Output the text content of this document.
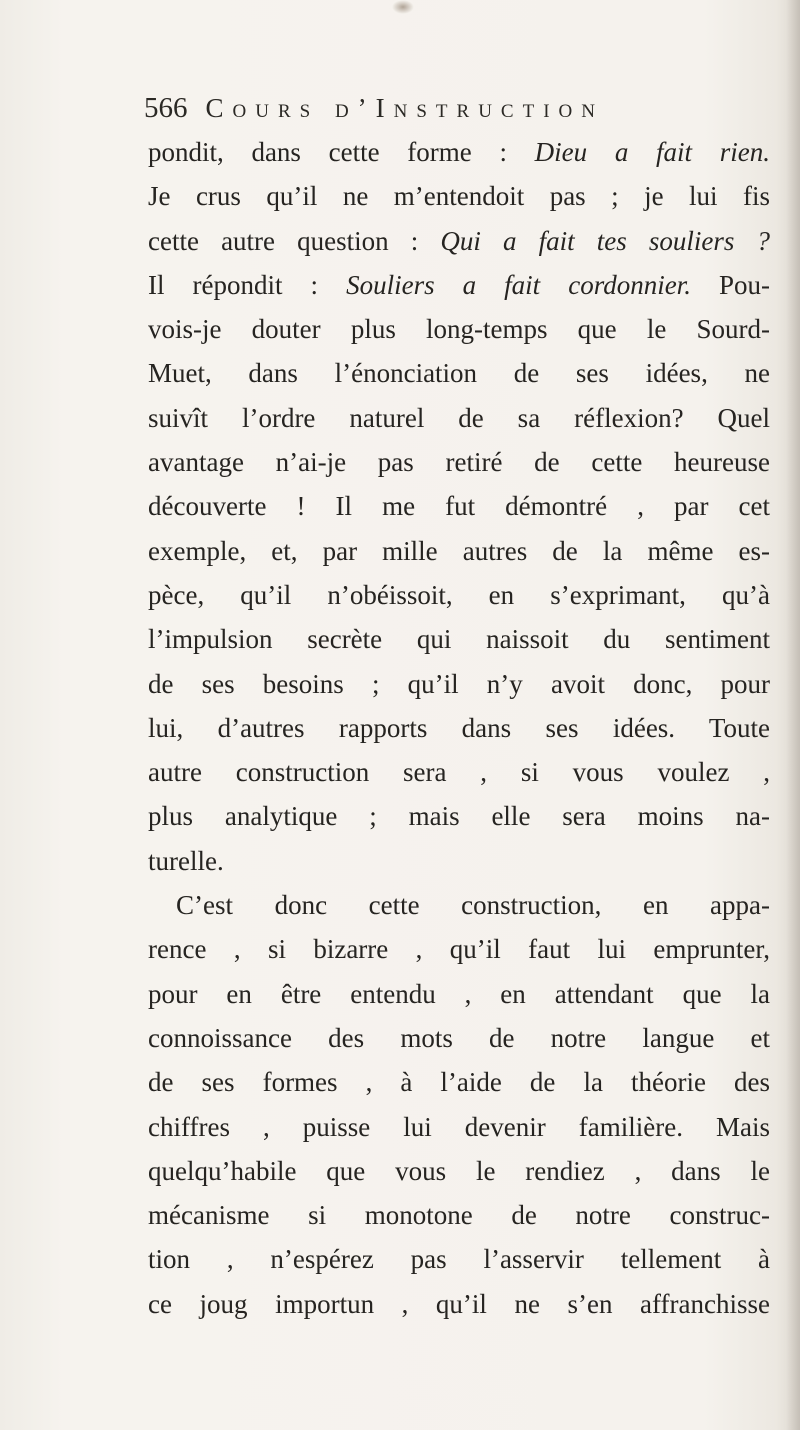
566 Cours d’Instruction
pondit, dans cette forme : Dieu a fait rien.
Je crus qu’il ne m’entendoit pas ; je lui fis
cette autre question : Qui a fait tes souliers ?
Il répondit : Souliers a fait cordonnier. Pou-
vois-je douter plus long-temps que le Sourd-
Muet, dans l’énonciation de ses idées, ne
suivît l’ordre naturel de sa réflexion? Quel
avantage n’ai-je pas retiré de cette heureuse
découverte ! Il me fut démontré , par cet
exemple, et, par mille autres de la même es-
pèce, qu’il n’obéissoit, en s’exprimant, qu’à
l’impulsion secrète qui naissoit du sentiment
de ses besoins ; qu’il n’y avoit donc, pour
lui, d’autres rapports dans ses idées. Toute
autre construction sera , si vous voulez ,
plus analytique ; mais elle sera moins na-
turelle.
C’est donc cette construction, en appa-
rence , si bizarre , qu’il faut lui emprunter,
pour en être entendu , en attendant que la
connoissance des mots de notre langue et
de ses formes , à l’aide de la théorie des
chiffres , puisse lui devenir familière. Mais
quelqu’habile que vous le rendiez , dans le
mécanisme si monotone de notre construc-
tion , n’espérez pas l’asservir tellement à
ce joug importun , qu’il ne s’en affranchisse
